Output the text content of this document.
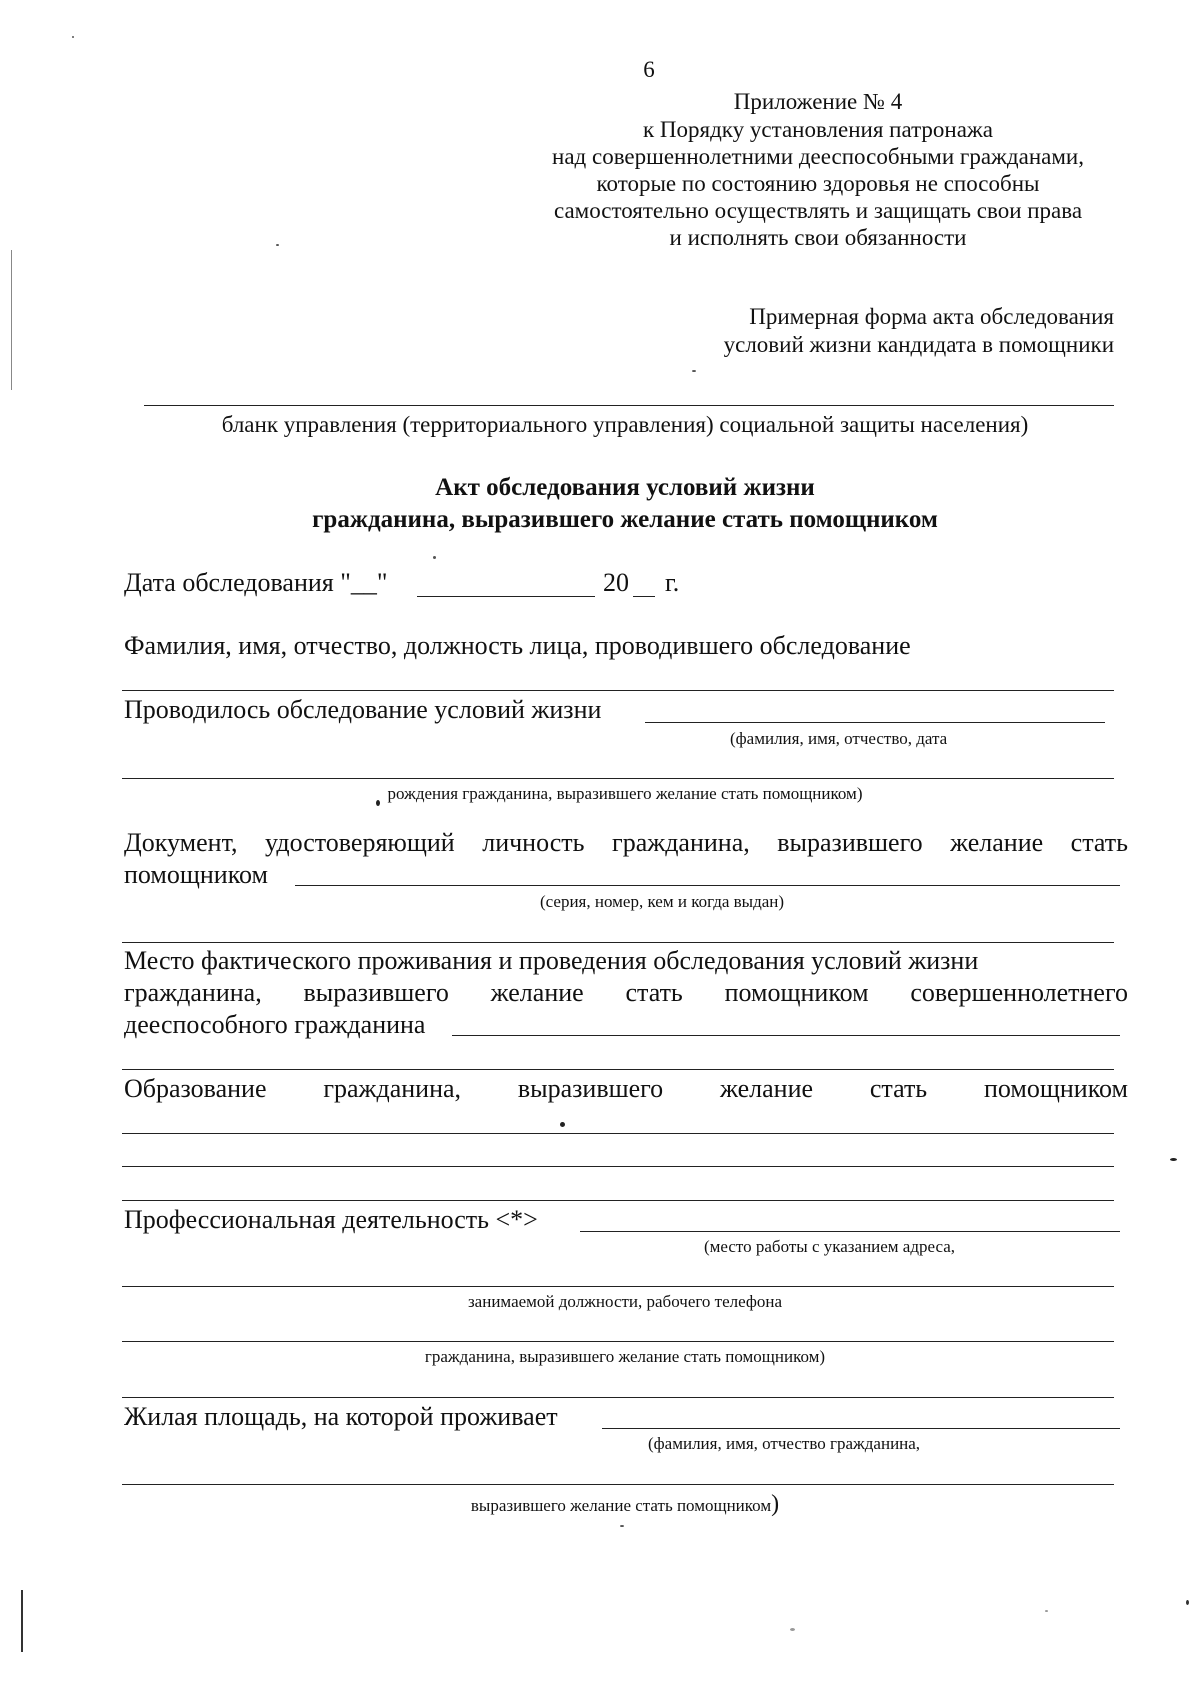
6
Приложение № 4
к Порядку установления патронажа
над совершеннолетними дееспособными гражданами,
которые по состоянию здоровья не способны
самостоятельно осуществлять и защищать свои права
и исполнять свои обязанности
Примерная форма акта обследования
условий жизни кандидата в помощники
бланк управления (территориального управления) социальной защиты населения)
Акт обследования условий жизни
гражданина, выразившего желание стать помощником
Дата обследования "__"	20 г.
Фамилия, имя, отчество, должность лица, проводившего обследование
Проводилось обследование условий жизни
(фамилия, имя, отчество, дата
рождения гражданина, выразившего желание стать помощником)
Документ, удостоверяющий личность гражданина, выразившего желание стать
помощником
(серия, номер, кем и когда выдан)
Место фактического проживания и проведения обследования условий жизни
гражданина, выразившего желание стать помощником совершеннолетнего
дееспособного гражданина
Образование гражданина, выразившего желание стать помощником
Профессиональная деятельность <*>
(место работы с указанием адреса,
занимаемой должности, рабочего телефона
гражданина, выразившего желание стать помощником)
Жилая площадь, на которой проживает
(фамилия, имя, отчество гражданина,
выразившего желание стать помощником)
